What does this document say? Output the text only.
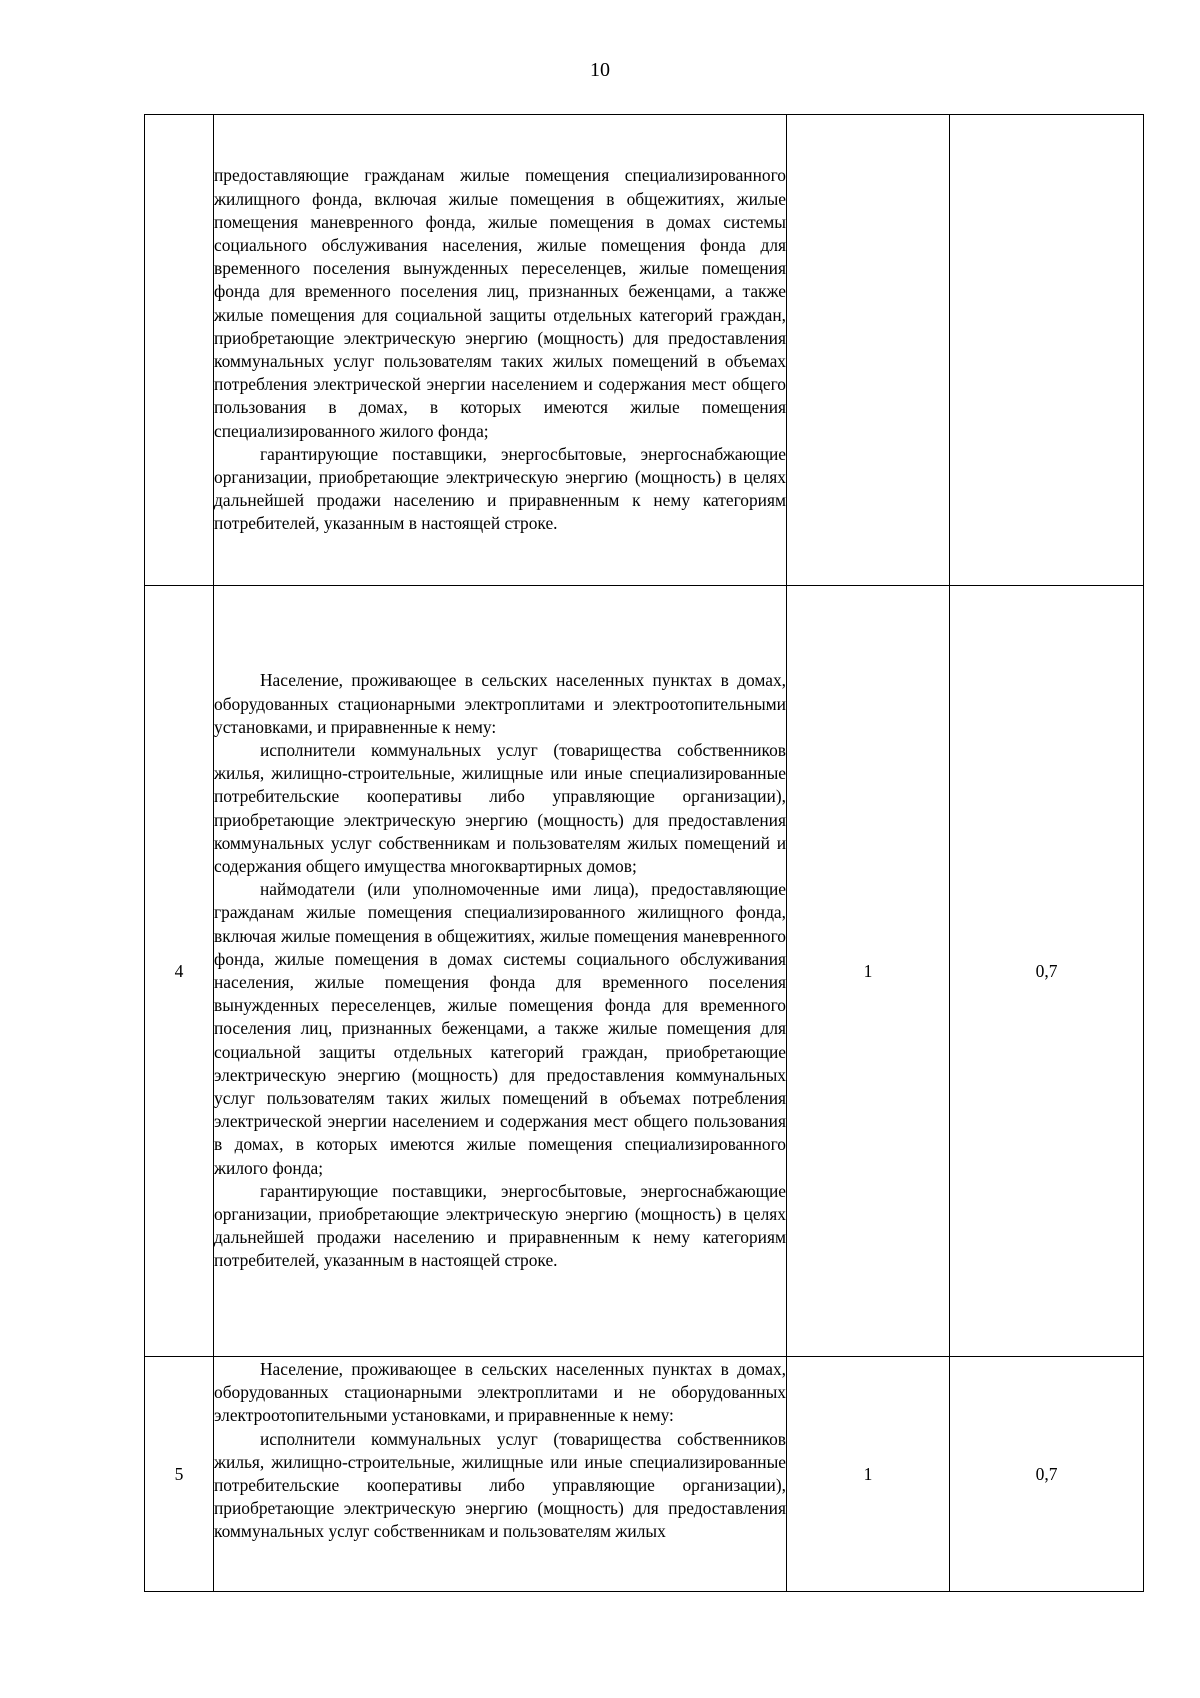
10

	предоставляющие гражданам жилые помещения специализированного жилищного фонда, включая жилые помещения в общежитиях, жилые помещения маневренного фонда, жилые помещения в домах системы социального обслуживания населения, жилые помещения фонда для временного поселения вынужденных переселенцев, жилые помещения фонда для временного поселения лиц, признанных беженцами, а также жилые помещения для социальной защиты отдельных категорий граждан, приобретающие электрическую энергию (мощность) для предоставления коммунальных услуг пользователям таких жилых помещений в объемах потребления электрической энергии населением и содержания мест общего пользования в домах, в которых имеются жилые помещения специализированного жилого фонда;

гарантирующие поставщики, энергосбытовые, энергоснабжающие организации, приобретающие электрическую энергию (мощность) в целях дальнейшей продажи населению и приравненным к нему категориям потребителей, указанным в настоящей строке.		

4	Население, проживающее в сельских населенных пунктах в домах, оборудованных стационарными электроплитами и электроотопительными установками, и приравненные к нему:

исполнители коммунальных услуг (товарищества собственников жилья, жилищно-строительные, жилищные или иные специализированные потребительские кооперативы либо управляющие организации), приобретающие электрическую энергию (мощность) для предоставления коммунальных услуг собственникам и пользователям жилых помещений и содержания общего имущества многоквартирных домов;

наймодатели (или уполномоченные ими лица), предоставляющие гражданам жилые помещения специализированного жилищного фонда, включая жилые помещения в общежитиях, жилые помещения маневренного фонда, жилые помещения в домах системы социального обслуживания населения, жилые помещения фонда для временного поселения вынужденных переселенцев, жилые помещения фонда для временного поселения лиц, признанных беженцами, а также жилые помещения для социальной защиты отдельных категорий граждан, приобретающие электрическую энергию (мощность) для предоставления коммунальных услуг пользователям таких жилых помещений в объемах потребления электрической энергии населением и содержания мест общего пользования в домах, в которых имеются жилые помещения специализированного жилого фонда;

гарантирующие поставщики, энергосбытовые, энергоснабжающие организации, приобретающие электрическую энергию (мощность) в целях дальнейшей продажи населению и приравненным к нему категориям потребителей, указанным в настоящей строке.	1	0,7
5	Население, проживающее в сельских населенных пунктах в домах, оборудованных стационарными электроплитами и не оборудованных электроотопительными установками, и приравненные к нему:

исполнители коммунальных услуг (товарищества собственников жилья, жилищно-строительные, жилищные или иные специализированные потребительские кооперативы либо управляющие организации), приобретающие электрическую энергию (мощность) для предоставления коммунальных услуг собственникам и пользователям жилых	1	0,7
